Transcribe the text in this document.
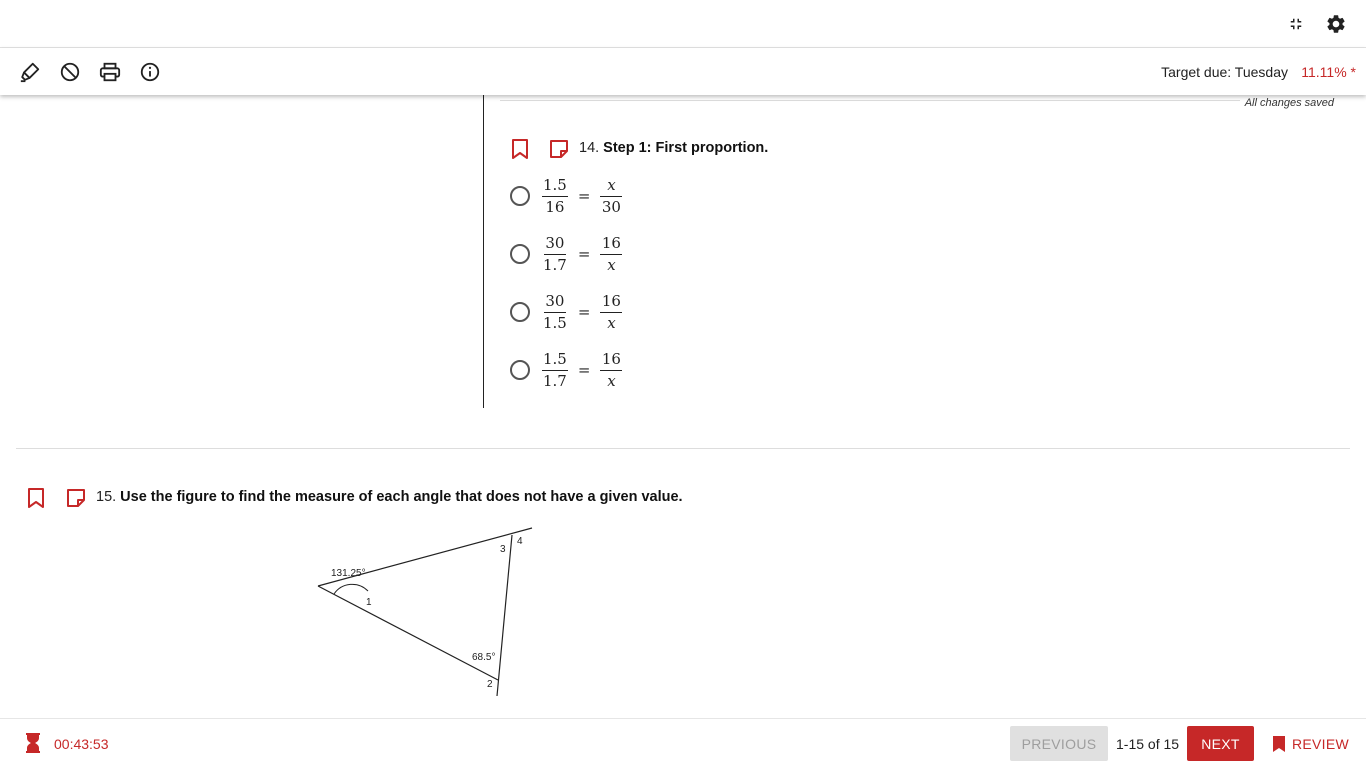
Target due: Tuesday 11.11% *
All changes saved
14. Step 1: First proportion.
$\frac{1.5}{16} = \frac{x}{30}$
$\frac{30}{1.7} = \frac{16}{x}$
$\frac{30}{1.5} = \frac{16}{x}$
$\frac{1.5}{1.7} = \frac{16}{x}$
15. Use the figure to find the measure of each angle that does not have a given value.
131.25°
1
68.5°
2
3
4
00:43:53	PREVIOUS	1-15 of 15	NEXT	REVIEW
